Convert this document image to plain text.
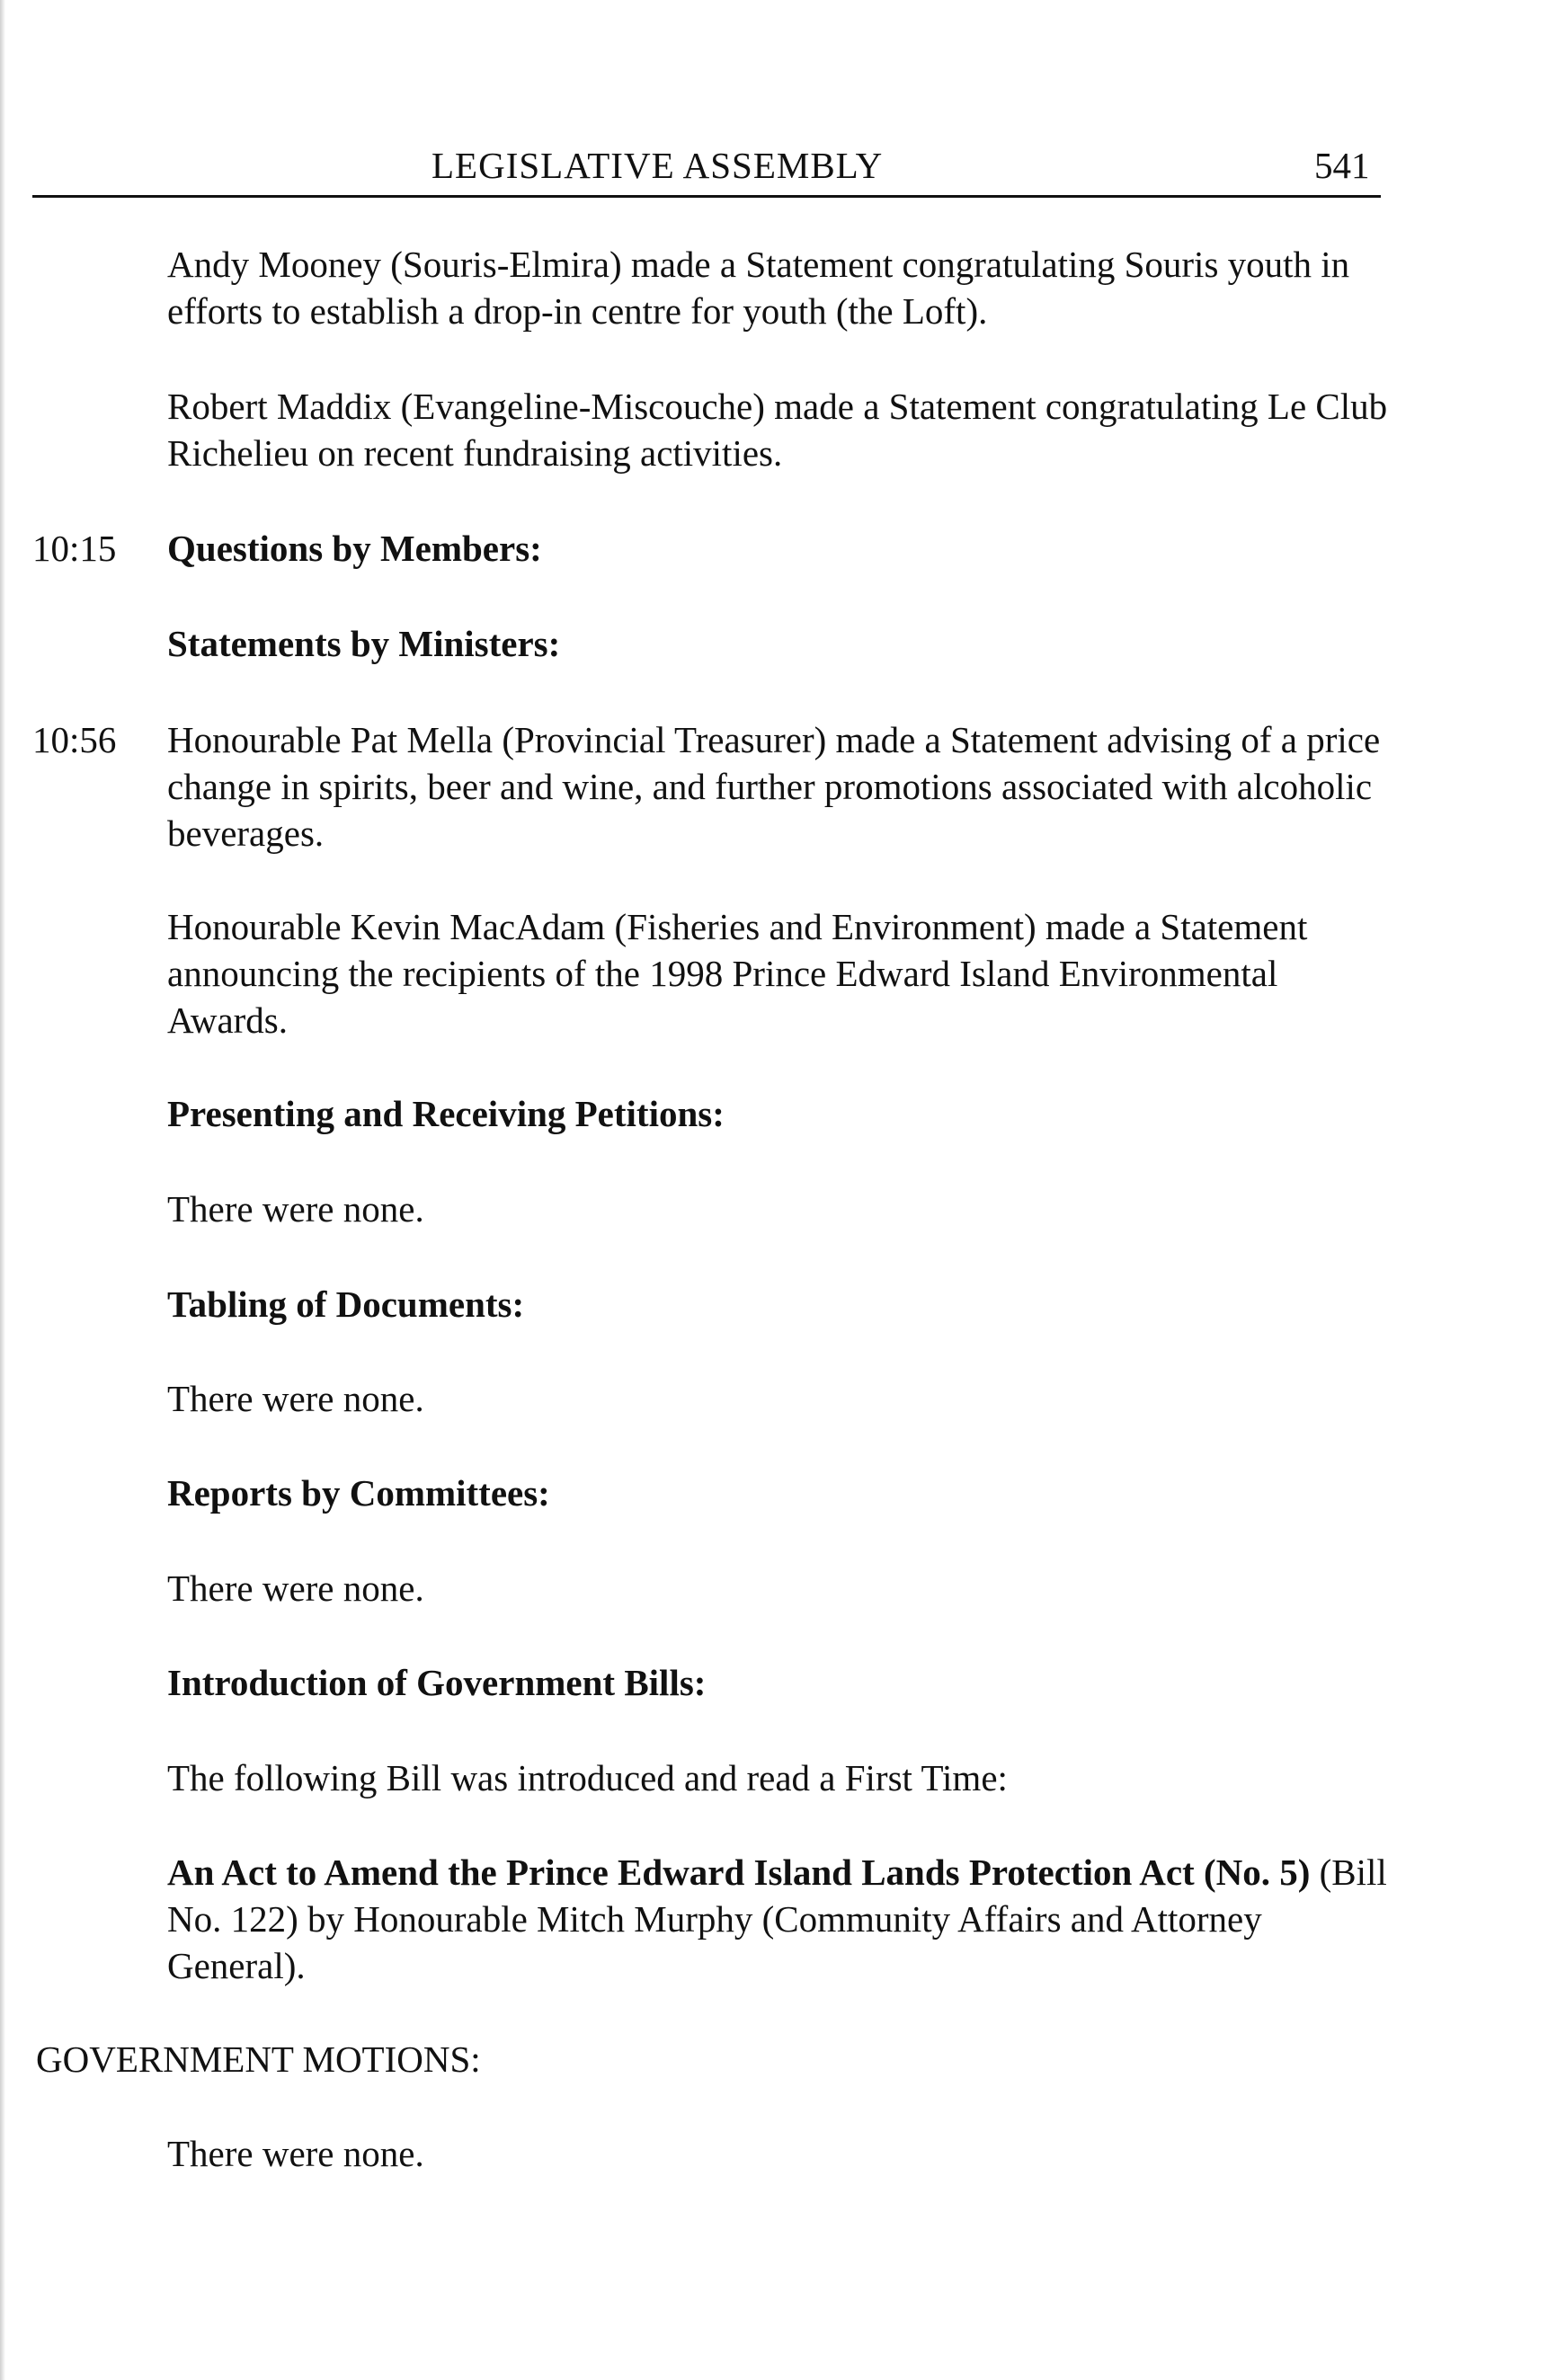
LEGISLATIVE ASSEMBLY	541

Andy Mooney (Souris-Elmira) made a Statement congratulating Souris youth in efforts to establish a drop-in centre for youth (the Loft).

Robert Maddix (Evangeline-Miscouche) made a Statement congratulating Le Club Richelieu on recent fundraising activities.

10:15 Questions by Members:

Statements by Ministers:

10:56 Honourable Pat Mella (Provincial Treasurer) made a Statement advising of a price change in spirits, beer and wine, and further promotions associated with alcoholic beverages.

Honourable Kevin MacAdam (Fisheries and Environment) made a Statement announcing the recipients of the 1998 Prince Edward Island Environmental Awards.

Presenting and Receiving Petitions:

There were none.

Tabling of Documents:

There were none.

Reports by Committees:

There were none.

Introduction of Government Bills:

The following Bill was introduced and read a First Time:

An Act to Amend the Prince Edward Island Lands Protection Act (No. 5) (Bill No. 122) by Honourable Mitch Murphy (Community Affairs and Attorney General).

GOVERNMENT MOTIONS:

There were none.
